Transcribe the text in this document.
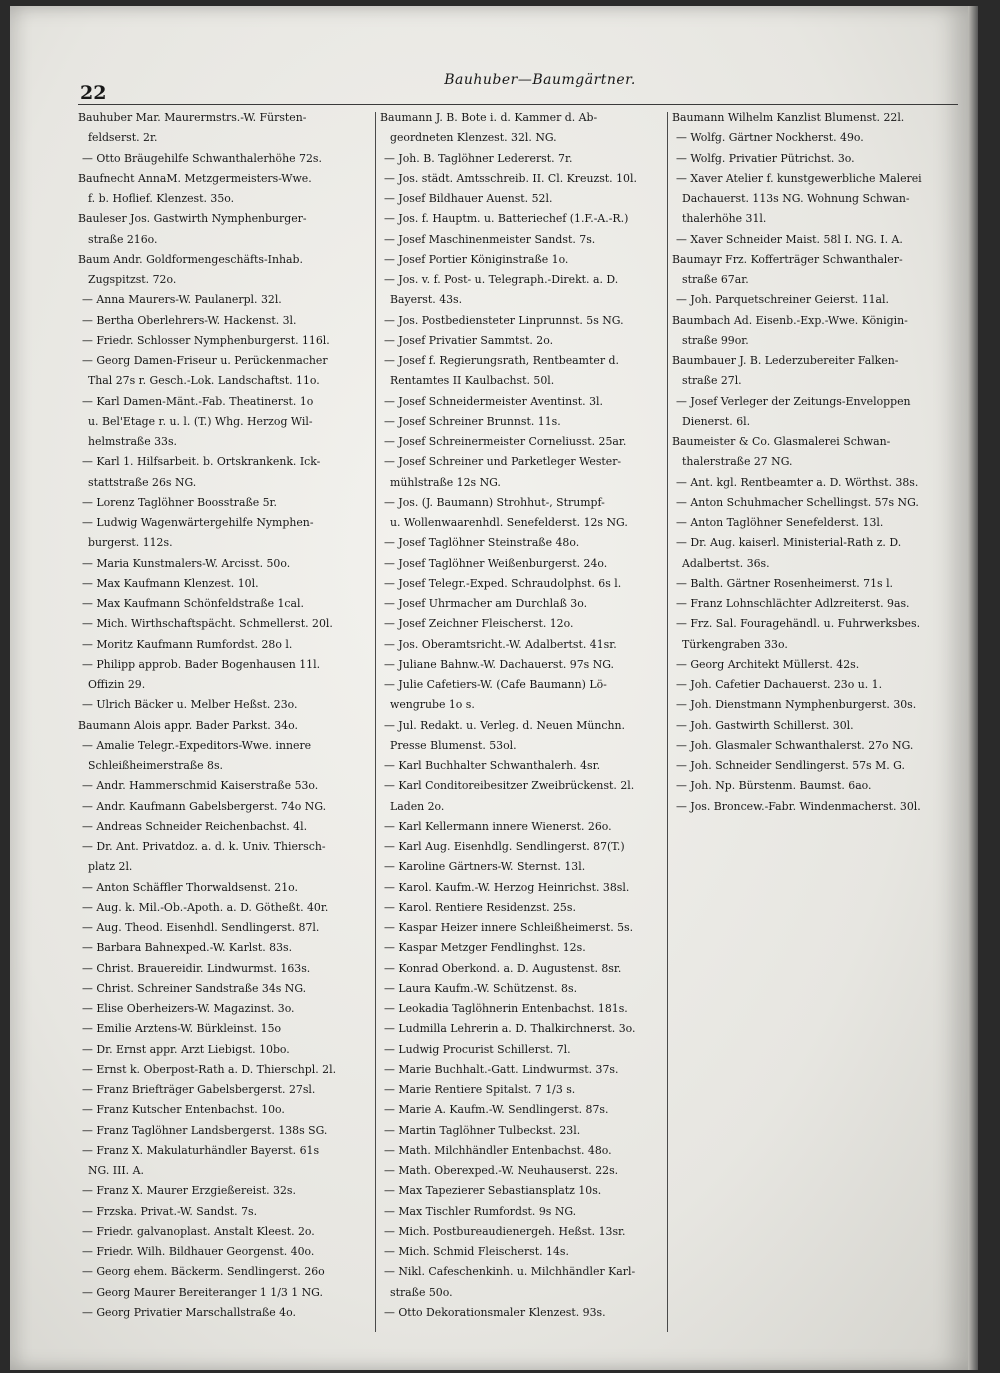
22
Bauhuber—Baumgärtner.
Bauhuber Mar. Maurermstrs.-W. Fürsten-
feldserst. 2r.
— Otto Bräugehilfe Schwanthalerhöhe 72s.
Baufnecht AnnaM. Metzgermeisters-Wwe.
f. b. Hoflief. Klenzest. 35o.
Bauleser Jos. Gastwirth Nymphenburger-
straße 216o.
Baum Andr. Goldformengeschäfts-Inhab.
Zugspitzst. 72o.
— Anna Maurers-W. Paulanerpl. 32l.
— Bertha Oberlehrers-W. Hackenst. 3l.
— Friedr. Schlosser Nymphenburgerst. 116l.
— Georg Damen-Friseur u. Perückenmacher
Thal 27s r. Gesch.-Lok. Landschaftst. 11o.
— Karl Damen-Mänt.-Fab. Theatinerst. 1o
u. Bel'Etage r. u. l. (T.) Whg. Herzog Wil-
helmstraße 33s.
— Karl 1. Hilfsarbeit. b. Ortskrankenk. Ick-
stattstraße 26s NG.
— Lorenz Taglöhner Boosstraße 5r.
— Ludwig Wagenwärtergehilfe Nymphen-
burgerst. 112s.
— Maria Kunstmalers-W. Arcisst. 50o.
— Max Kaufmann Klenzest. 10l.
— Max Kaufmann Schönfeldstraße 1cal.
— Mich. Wirthschaftspächt. Schmellerst. 20l.
— Moritz Kaufmann Rumfordst. 28o l.
— Philipp approb. Bader Bogenhausen 11l.
Offizin 29.
— Ulrich Bäcker u. Melber Heßst. 23o.
Baumann Alois appr. Bader Parkst. 34o.
— Amalie Telegr.-Expeditors-Wwe. innere
Schleißheimerstraße 8s.
— Andr. Hammerschmid Kaiserstraße 53o.
— Andr. Kaufmann Gabelsbergerst. 74o NG.
— Andreas Schneider Reichenbachst. 4l.
— Dr. Ant. Privatdoz. a. d. k. Univ. Thiersch-
platz 2l.
— Anton Schäffler Thorwaldsenst. 21o.
— Aug. k. Mil.-Ob.-Apoth. a. D. Götheßt. 40r.
— Aug. Theod. Eisenhdl. Sendlingerst. 87l.
— Barbara Bahnexped.-W. Karlst. 83s.
— Christ. Brauereidir. Lindwurmst. 163s.
— Christ. Schreiner Sandstraße 34s NG.
— Elise Oberheizers-W. Magazinst. 3o.
— Emilie Arztens-W. Bürkleinst. 15o
— Dr. Ernst appr. Arzt Liebigst. 10bo.
— Ernst k. Oberpost-Rath a. D. Thierschpl. 2l.
— Franz Briefträger Gabelsbergerst. 27sl.
— Franz Kutscher Entenbachst. 10o.
— Franz Taglöhner Landsbergerst. 138s SG.
— Franz X. Makulaturhändler Bayerst. 61s
NG. III. A.
— Franz X. Maurer Erzgießereist. 32s.
— Frzska. Privat.-W. Sandst. 7s.
— Friedr. galvanoplast. Anstalt Kleest. 2o.
— Friedr. Wilh. Bildhauer Georgenst. 40o.
— Georg ehem. Bäckerm. Sendlingerst. 26o
— Georg Maurer Bereiteranger 1 1/3 1 NG.
— Georg Privatier Marschallstraße 4o.
Baumann J. B. Bote i. d. Kammer d. Ab-
geordneten Klenzest. 32l. NG.
— Joh. B. Taglöhner Ledererst. 7r.
— Jos. städt. Amtsschreib. II. Cl. Kreuzst. 10l.
— Josef Bildhauer Auenst. 52l.
— Jos. f. Hauptm. u. Batteriechef (1.F.-A.-R.)
— Josef Maschinenmeister Sandst. 7s.
— Josef Portier Königinstraße 1o.
— Jos. v. f. Post- u. Telegraph.-Direkt. a. D.
Bayerst. 43s.
— Jos. Postbediensteter Linprunnst. 5s NG.
— Josef Privatier Sammtst. 2o.
— Josef f. Regierungsrath, Rentbeamter d.
Rentamtes II Kaulbachst. 50l.
— Josef Schneidermeister Aventinst. 3l.
— Josef Schreiner Brunnst. 11s.
— Josef Schreinermeister Corneliusst. 25ar.
— Josef Schreiner und Parketleger Wester-
mühlstraße 12s NG.
— Jos. (J. Baumann) Strohhut-, Strumpf-
u. Wollenwaarenhdl. Senefelderst. 12s NG.
— Josef Taglöhner Steinstraße 48o.
— Josef Taglöhner Weißenburgerst. 24o.
— Josef Telegr.-Exped. Schraudolphst. 6s l.
— Josef Uhrmacher am Durchlaß 3o.
— Josef Zeichner Fleischerst. 12o.
— Jos. Oberamtsricht.-W. Adalbertst. 41sr.
— Juliane Bahnw.-W. Dachauerst. 97s NG.
— Julie Cafetiers-W. (Cafe Baumann) Lö-
wengrube 1o s.
— Jul. Redakt. u. Verleg. d. Neuen Münchn.
Presse Blumenst. 53ol.
— Karl Buchhalter Schwanthalerh. 4sr.
— Karl Conditoreibesitzer Zweibrückenst. 2l.
Laden 2o.
— Karl Kellermann innere Wienerst. 26o.
— Karl Aug. Eisenhdlg. Sendlingerst. 87(T.)
— Karoline Gärtners-W. Sternst. 13l.
— Karol. Kaufm.-W. Herzog Heinrichst. 38sl.
— Karol. Rentiere Residenzst. 25s.
— Kaspar Heizer innere Schleißheimerst. 5s.
— Kaspar Metzger Fendlinghst. 12s.
— Konrad Oberkond. a. D. Augustenst. 8sr.
— Laura Kaufm.-W. Schützenst. 8s.
— Leokadia Taglöhnerin Entenbachst. 181s.
— Ludmilla Lehrerin a. D. Thalkirchnerst. 3o.
— Ludwig Procurist Schillerst. 7l.
— Marie Buchhalt.-Gatt. Lindwurmst. 37s.
— Marie Rentiere Spitalst. 7 1/3 s.
— Marie A. Kaufm.-W. Sendlingerst. 87s.
— Martin Taglöhner Tulbeckst. 23l.
— Math. Milchhändler Entenbachst. 48o.
— Math. Oberexped.-W. Neuhauserst. 22s.
— Max Tapezierer Sebastiansplatz 10s.
— Max Tischler Rumfordst. 9s NG.
— Mich. Postbureaudienergeh. Heßst. 13sr.
— Mich. Schmid Fleischerst. 14s.
— Nikl. Cafeschenkinh. u. Milchhändler Karl-
straße 50o.
— Otto Dekorationsmaler Klenzest. 93s.
Baumann Wilhelm Kanzlist Blumenst. 22l.
— Wolfg. Gärtner Nockherst. 49o.
— Wolfg. Privatier Pütrichst. 3o.
— Xaver Atelier f. kunstgewerbliche Malerei
Dachauerst. 113s NG. Wohnung Schwan-
thalerhöhe 31l.
— Xaver Schneider Maist. 58l I. NG. I. A.
Baumayr Frz. Kofferträger Schwanthaler-
straße 67ar.
— Joh. Parquetschreiner Geierst. 11al.
Baumbach Ad. Eisenb.-Exp.-Wwe. Königin-
straße 99or.
Baumbauer J. B. Lederzubereiter Falken-
straße 27l.
— Josef Verleger der Zeitungs-Enveloppen
Dienerst. 6l.
Baumeister & Co. Glasmalerei Schwan-
thalerstraße 27 NG.
— Ant. kgl. Rentbeamter a. D. Wörthst. 38s.
— Anton Schuhmacher Schellingst. 57s NG.
— Anton Taglöhner Senefelderst. 13l.
— Dr. Aug. kaiserl. Ministerial-Rath z. D.
Adalbertst. 36s.
— Balth. Gärtner Rosenheimerst. 71s l.
— Franz Lohnschlächter Adlzreiterst. 9as.
— Frz. Sal. Fouragehändl. u. Fuhrwerksbes.
Türkengraben 33o.
— Georg Architekt Müllerst. 42s.
— Joh. Cafetier Dachauerst. 23o u. 1.
— Joh. Dienstmann Nymphenburgerst. 30s.
— Joh. Gastwirth Schillerst. 30l.
— Joh. Glasmaler Schwanthalerst. 27o NG.
— Joh. Schneider Sendlingerst. 57s M. G.
— Joh. Np. Bürstenm. Baumst. 6ao.
— Jos. Broncew.-Fabr. Windenmacherst. 30l.
